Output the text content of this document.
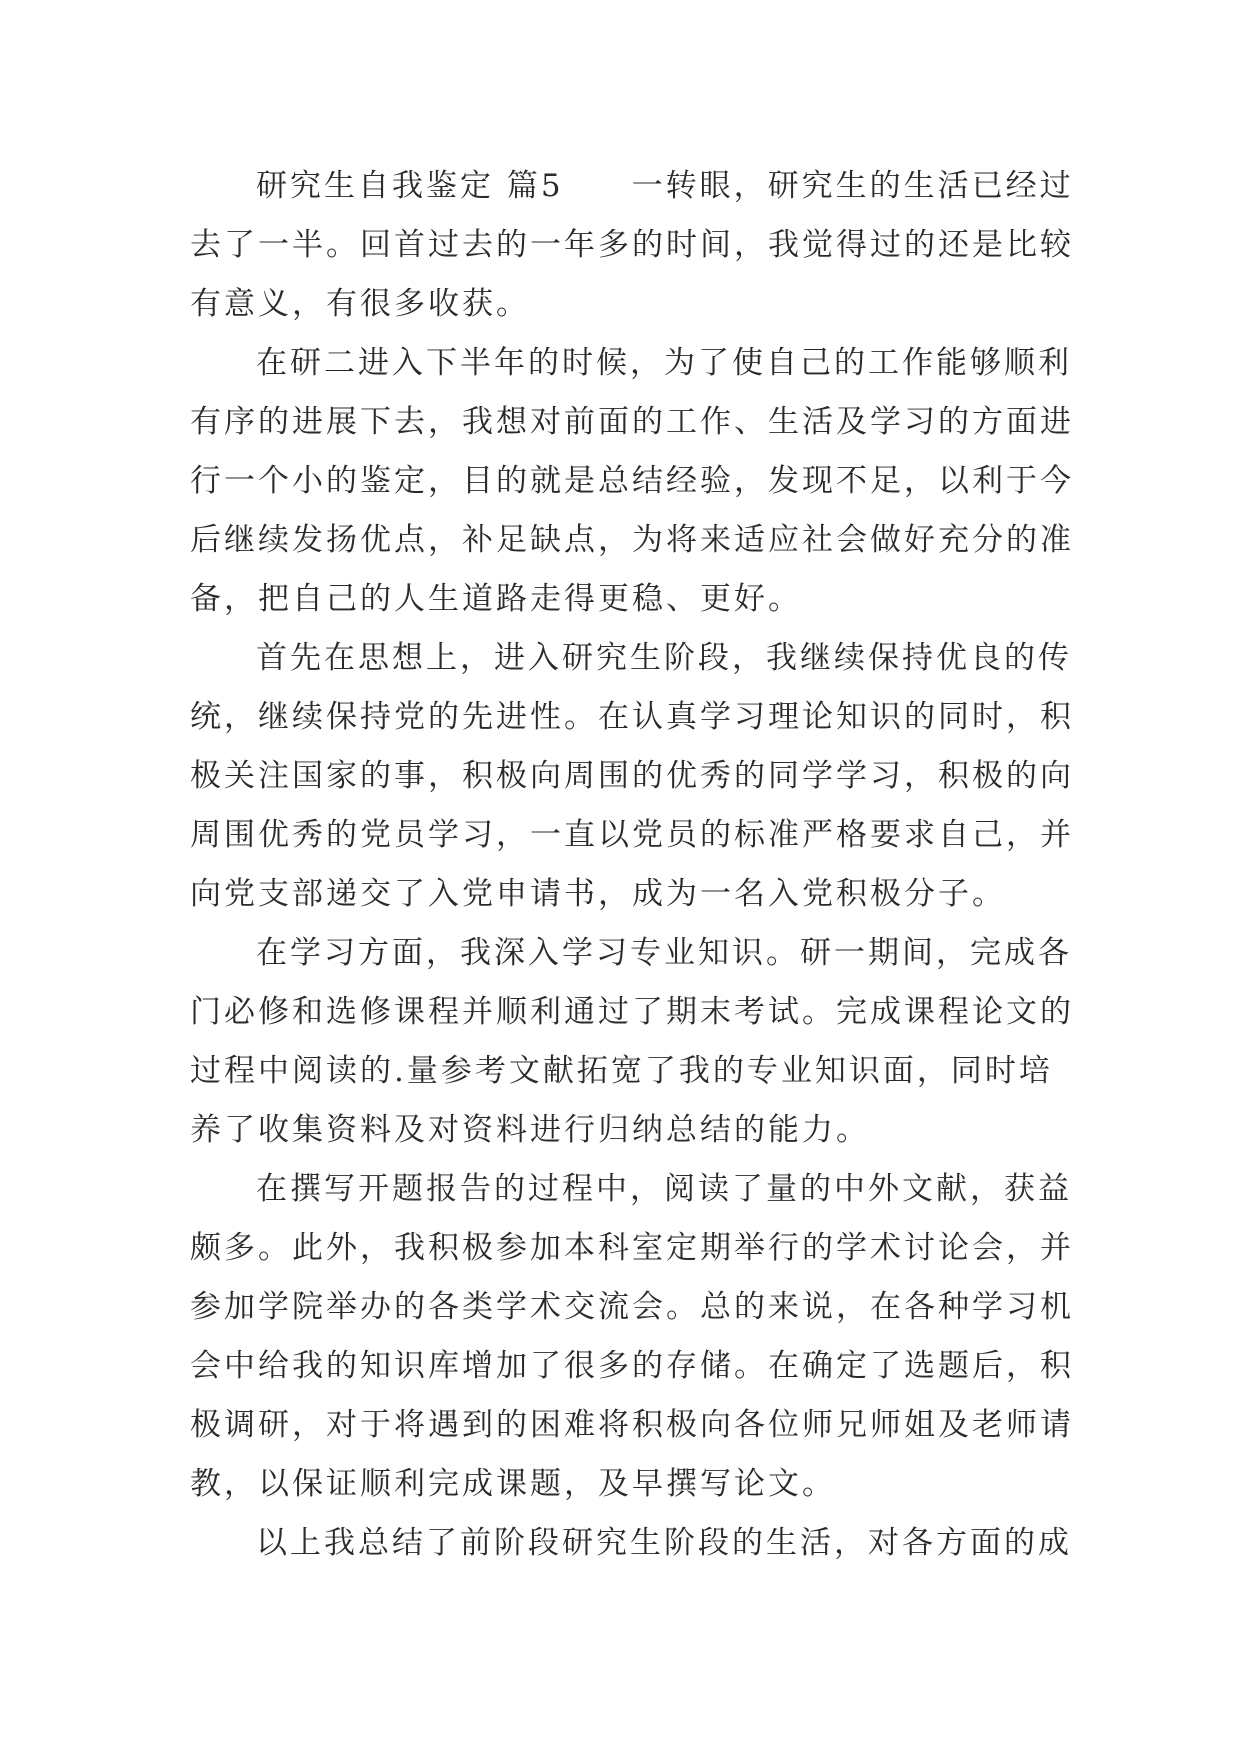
研究生自我鉴定 篇5　　一转眼，研究生的生活已经过
去了一半。回首过去的一年多的时间，我觉得过的还是比较
有意义，有很多收获。
在研二进入下半年的时候，为了使自己的工作能够顺利
有序的进展下去，我想对前面的工作、生活及学习的方面进
行一个小的鉴定，目的就是总结经验，发现不足，以利于今
后继续发扬优点，补足缺点，为将来适应社会做好充分的准
备，把自己的人生道路走得更稳、更好。
首先在思想上，进入研究生阶段，我继续保持优良的传
统，继续保持党的先进性。在认真学习理论知识的同时，积
极关注国家的事，积极向周围的优秀的同学学习，积极的向
周围优秀的党员学习，一直以党员的标准严格要求自己，并
向党支部递交了入党申请书，成为一名入党积极分子。
在学习方面，我深入学习专业知识。研一期间，完成各
门必修和选修课程并顺利通过了期末考试。完成课程论文的
过程中阅读的.量参考文献拓宽了我的专业知识面，同时培
养了收集资料及对资料进行归纳总结的能力。
在撰写开题报告的过程中，阅读了量的中外文献，获益
颇多。此外，我积极参加本科室定期举行的学术讨论会，并
参加学院举办的各类学术交流会。总的来说，在各种学习机
会中给我的知识库增加了很多的存储。在确定了选题后，积
极调研，对于将遇到的困难将积极向各位师兄师姐及老师请
教，以保证顺利完成课题，及早撰写论文。
以上我总结了前阶段研究生阶段的生活，对各方面的成
